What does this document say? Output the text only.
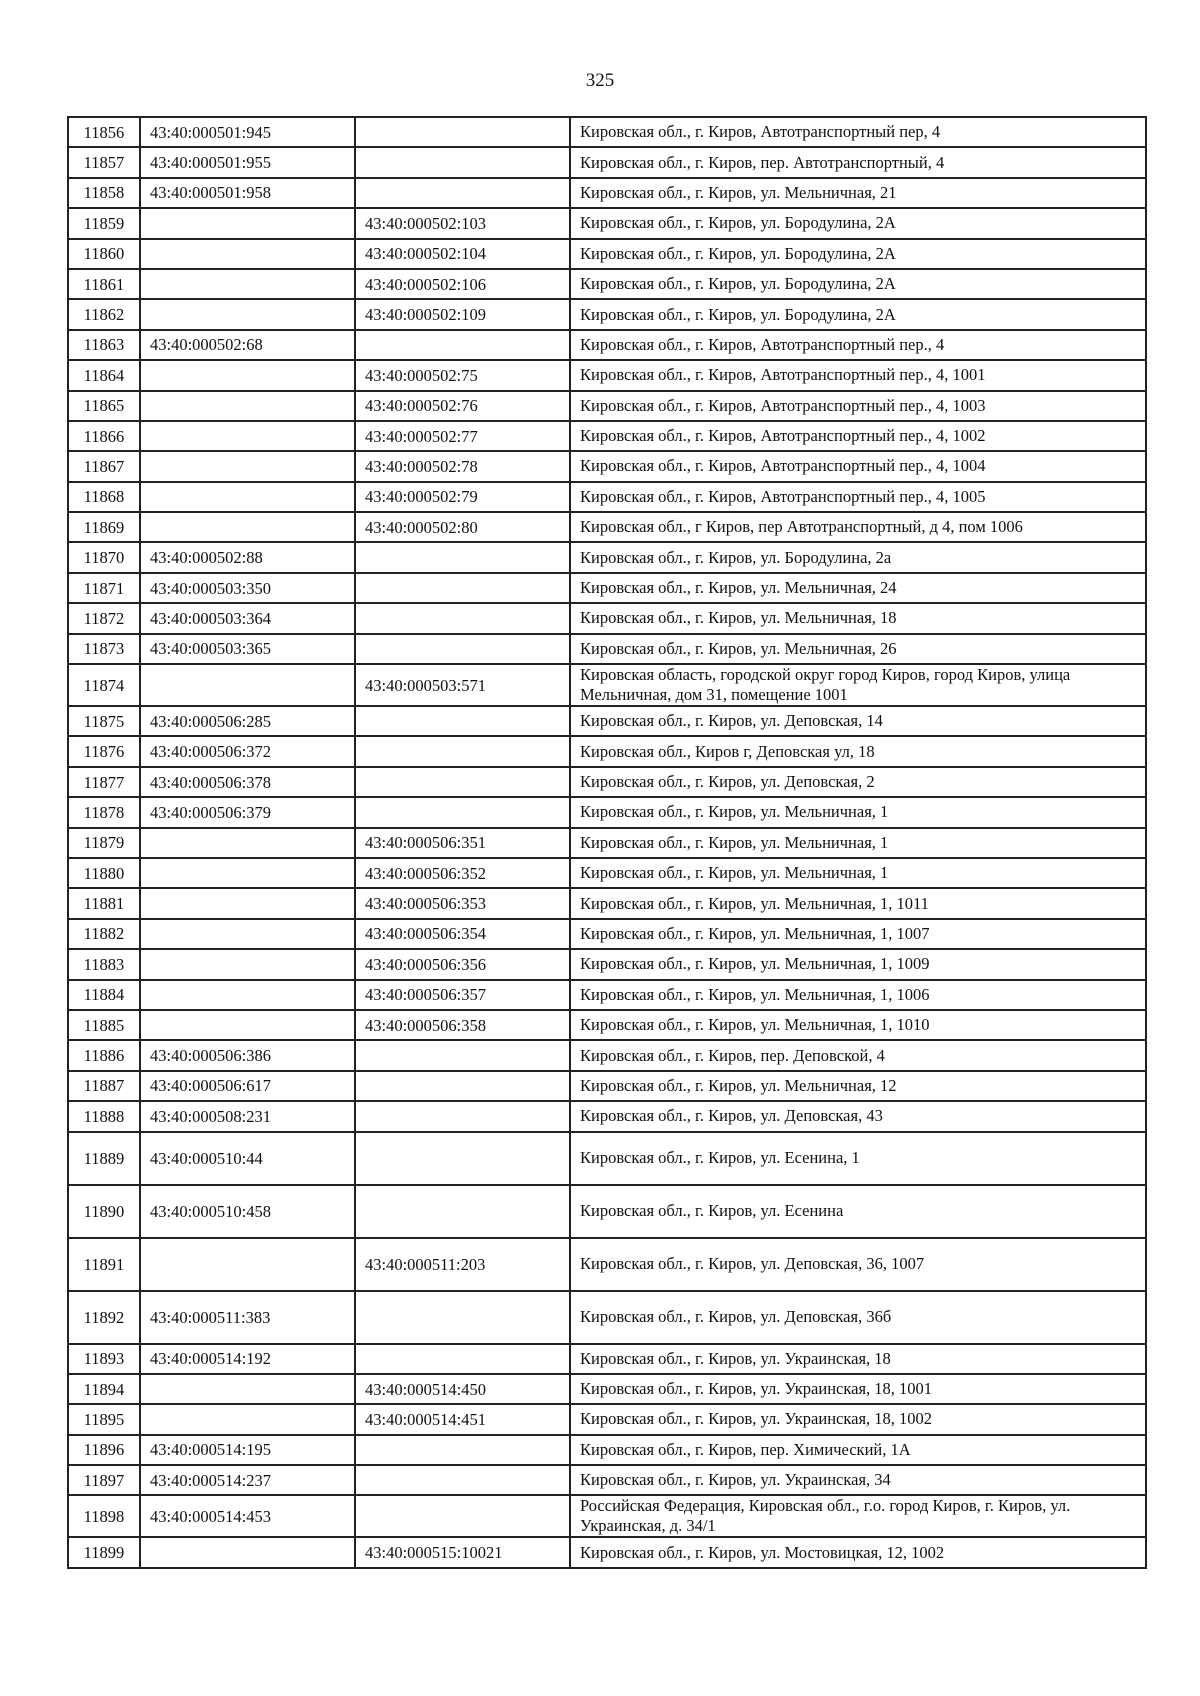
325
11856	43:40:000501:945		Кировская обл., г. Киров, Автотранспортный пер, 4
11857	43:40:000501:955		Кировская обл., г. Киров, пер. Автотранспортный, 4
11858	43:40:000501:958		Кировская обл., г. Киров, ул. Мельничная, 21
11859		43:40:000502:103	Кировская обл., г. Киров, ул. Бородулина, 2А
11860		43:40:000502:104	Кировская обл., г. Киров, ул. Бородулина, 2А
11861		43:40:000502:106	Кировская обл., г. Киров, ул. Бородулина, 2А
11862		43:40:000502:109	Кировская обл., г. Киров, ул. Бородулина, 2А
11863	43:40:000502:68		Кировская обл., г. Киров, Автотранспортный пер., 4
11864		43:40:000502:75	Кировская обл., г. Киров, Автотранспортный пер., 4, 1001
11865		43:40:000502:76	Кировская обл., г. Киров, Автотранспортный пер., 4, 1003
11866		43:40:000502:77	Кировская обл., г. Киров, Автотранспортный пер., 4, 1002
11867		43:40:000502:78	Кировская обл., г. Киров, Автотранспортный пер., 4, 1004
11868		43:40:000502:79	Кировская обл., г. Киров, Автотранспортный пер., 4, 1005
11869		43:40:000502:80	Кировская обл., г Киров, пер Автотранспортный, д 4, пом 1006
11870	43:40:000502:88		Кировская обл., г. Киров, ул. Бородулина, 2а
11871	43:40:000503:350		Кировская обл., г. Киров, ул. Мельничная, 24
11872	43:40:000503:364		Кировская обл., г. Киров, ул. Мельничная, 18
11873	43:40:000503:365		Кировская обл., г. Киров, ул. Мельничная, 26
11874		43:40:000503:571	Кировская область, городской округ город Киров, город Киров, улица Мельничная, дом 31, помещение 1001
11875	43:40:000506:285		Кировская обл., г. Киров, ул. Деповская, 14
11876	43:40:000506:372		Кировская обл., Киров г, Деповская ул, 18
11877	43:40:000506:378		Кировская обл., г. Киров, ул. Деповская, 2
11878	43:40:000506:379		Кировская обл., г. Киров, ул. Мельничная, 1
11879		43:40:000506:351	Кировская обл., г. Киров, ул. Мельничная, 1
11880		43:40:000506:352	Кировская обл., г. Киров, ул. Мельничная, 1
11881		43:40:000506:353	Кировская обл., г. Киров, ул. Мельничная, 1, 1011
11882		43:40:000506:354	Кировская обл., г. Киров, ул. Мельничная, 1, 1007
11883		43:40:000506:356	Кировская обл., г. Киров, ул. Мельничная, 1, 1009
11884		43:40:000506:357	Кировская обл., г. Киров, ул. Мельничная, 1, 1006
11885		43:40:000506:358	Кировская обл., г. Киров, ул. Мельничная, 1, 1010
11886	43:40:000506:386		Кировская обл., г. Киров, пер. Деповской, 4
11887	43:40:000506:617		Кировская обл., г. Киров, ул. Мельничная, 12
11888	43:40:000508:231		Кировская обл., г. Киров, ул. Деповская, 43
11889	43:40:000510:44		Кировская обл., г. Киров, ул. Есенина, 1
11890	43:40:000510:458		Кировская обл., г. Киров, ул. Есенина
11891		43:40:000511:203	Кировская обл., г. Киров, ул. Деповская, 36, 1007
11892	43:40:000511:383		Кировская обл., г. Киров, ул. Деповская, 36б
11893	43:40:000514:192		Кировская обл., г. Киров, ул. Украинская, 18
11894		43:40:000514:450	Кировская обл., г. Киров, ул. Украинская, 18, 1001
11895		43:40:000514:451	Кировская обл., г. Киров, ул. Украинская, 18, 1002
11896	43:40:000514:195		Кировская обл., г. Киров, пер. Химический, 1А
11897	43:40:000514:237		Кировская обл., г. Киров, ул. Украинская, 34
11898	43:40:000514:453		Российская Федерация, Кировская обл., г.о. город Киров, г. Киров, ул. Украинская, д. 34/1
11899		43:40:000515:10021	Кировская обл., г. Киров, ул. Мостовицкая, 12, 1002
